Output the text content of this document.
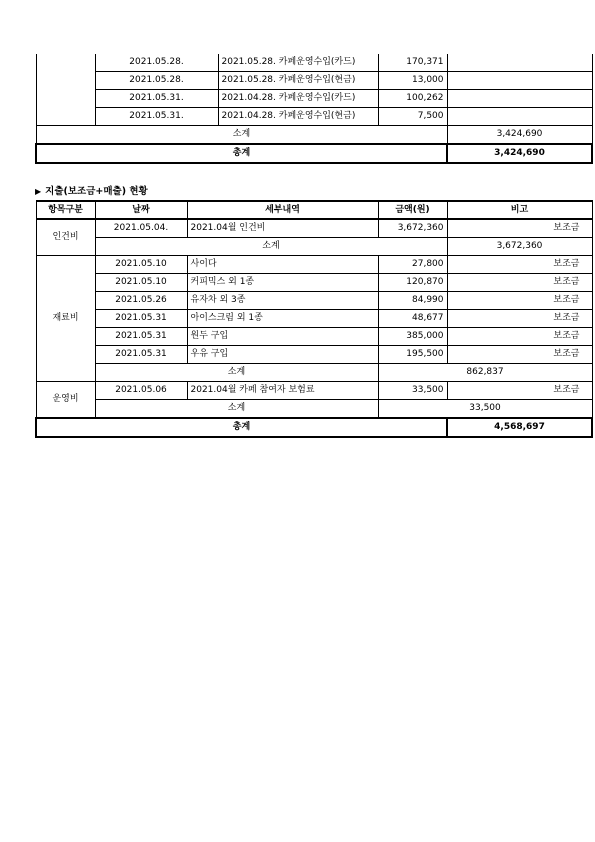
	2021.05.28.	2021.05.28. 카페운영수입(카드)	170,371	
	2021.05.28.	2021.05.28. 카페운영수입(현금)	13,000	
	2021.05.31.	2021.04.28. 카페운영수입(카드)	100,262	
	2021.05.31.	2021.04.28. 카페운영수입(현금)	7,500	
소계				3,424,690
총계				3,424,690
▶ 지출(보조금+매출) 현황
항목구분	날짜	세부내역	금액(원)	비고
인건비	2021.05.04.	2021.04월 인건비	3,672,360	보조금
	소계			3,672,360
재료비	2021.05.10	사이다	27,800	보조금
	2021.05.10	커피믹스 외 1종	120,870	보조금
	2021.05.26	유자차 외 3종	84,990	보조금
	2021.05.31	아이스크림 외 1종	48,677	보조금
	2021.05.31	원두 구입	385,000	보조금
	2021.05.31	우유 구입	195,500	보조금
	소계		862,837	
운영비	2021.05.06	2021.04월 카페 참여자 보험료	33,500	보조금
	소계		33,500	
총계				4,568,697
